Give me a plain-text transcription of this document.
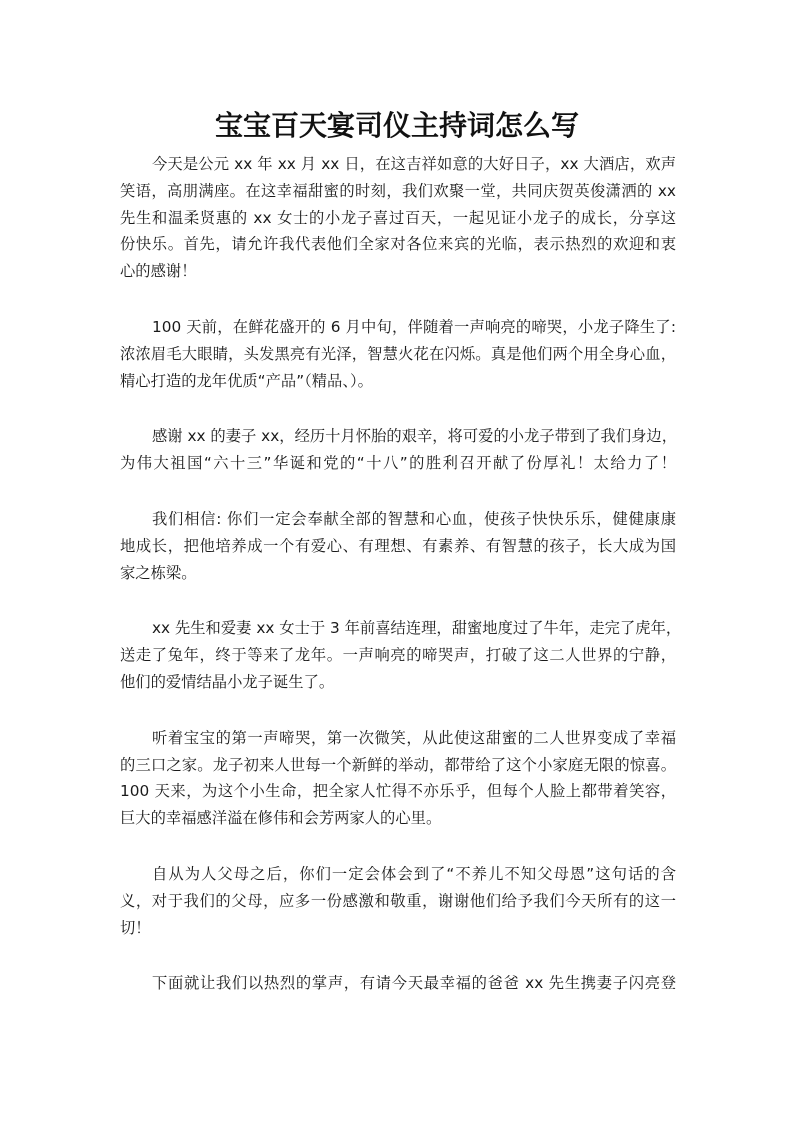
宝宝百天宴司仪主持词怎么写

今天是公元 xx 年 xx 月 xx 日，在这吉祥如意的大好日子，xx 大酒店，欢声
笑语，高朋满座。在这幸福甜蜜的时刻，我们欢聚一堂，共同庆贺英俊潇洒的 xx
先生和温柔贤惠的 xx 女士的小龙子喜过百天，一起见证小龙子的成长，分享这
份快乐。首先，请允许我代表他们全家对各位来宾的光临，表示热烈的欢迎和衷
心的感谢！

100 天前，在鲜花盛开的 6 月中旬，伴随着一声响亮的啼哭，小龙子降生了:
浓浓眉毛大眼睛，头发黑亮有光泽，智慧火花在闪烁。真是他们两个用全身心血，
精心打造的龙年优质“产品”（精品、）。

感谢 xx 的妻子 xx，经历十月怀胎的艰辛，将可爱的小龙子带到了我们身边，
为伟大祖国“六十三”华诞和党的“十八”的胜利召开献了份厚礼！太给力了！

我们相信: 你们一定会奉献全部的智慧和心血，使孩子快快乐乐，健健康康
地成长，把他培养成一个有爱心、有理想、有素养、有智慧的孩子，长大成为国
家之栋梁。

xx 先生和爱妻 xx 女士于 3 年前喜结连理，甜蜜地度过了牛年，走完了虎年，
送走了兔年，终于等来了龙年。一声响亮的啼哭声，打破了这二人世界的宁静，
他们的爱情结晶小龙子诞生了。

听着宝宝的第一声啼哭，第一次微笑，从此使这甜蜜的二人世界变成了幸福
的三口之家。龙子初来人世每一个新鲜的举动，都带给了这个小家庭无限的惊喜。
100 天来，为这个小生命，把全家人忙得不亦乐乎，但每个人脸上都带着笑容，
巨大的幸福感洋溢在修伟和会芳两家人的心里。

自从为人父母之后，你们一定会体会到了“不养儿不知父母恩”这句话的含
义，对于我们的父母，应多一份感激和敬重，谢谢他们给予我们今天所有的这一
切！

下面就让我们以热烈的掌声，有请今天最幸福的爸爸 xx 先生携妻子闪亮登
